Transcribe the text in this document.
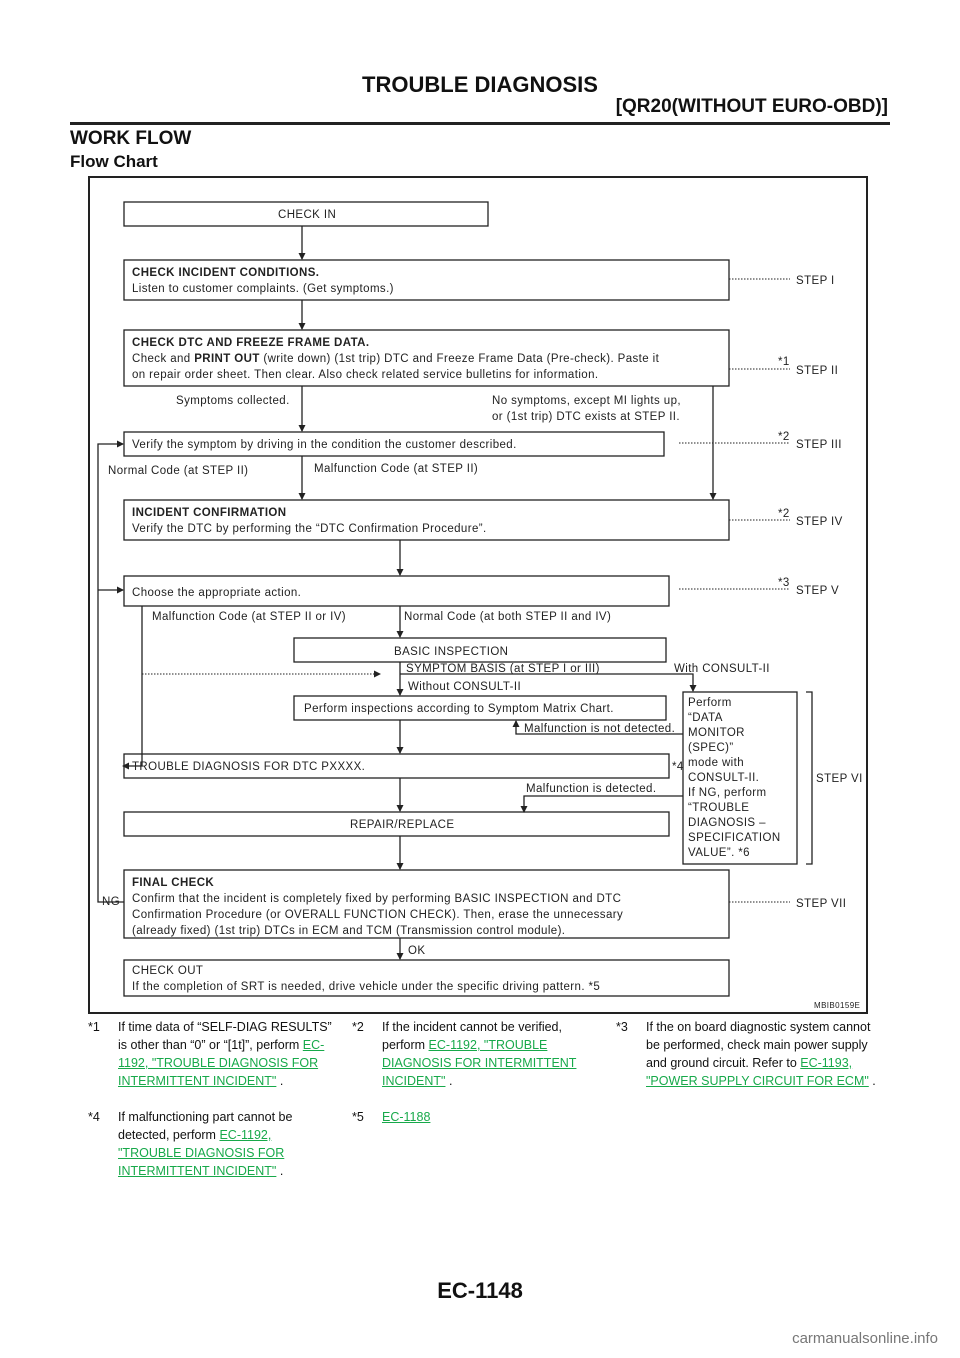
TROUBLE DIAGNOSIS
[QR20(WITHOUT EURO-OBD)]
WORK FLOW
Flow Chart
CHECK IN
CHECK INCIDENT CONDITIONS.
Listen to customer complaints. (Get symptoms.)
CHECK DTC AND FREEZE FRAME DATA.
Check and PRINT OUT (write down) (1st trip) DTC and Freeze Frame Data (Pre-check). Paste it
on repair order sheet. Then clear. Also check related service bulletins for information.
Symptoms collected.	No symptoms, except MI lights up,
or (1st trip) DTC exists at STEP II.
Verify the symptom by driving in the condition the customer described.
Normal Code (at STEP II)	Malfunction Code (at STEP II)
INCIDENT CONFIRMATION
Verify the DTC by performing the “DTC Confirmation Procedure”.
Choose the appropriate action.
Malfunction Code (at STEP II or IV)	Normal Code (at both STEP II and IV)
BASIC INSPECTION
SYMPTOM BASIS (at STEP I or III)	With CONSULT-II
Without CONSULT-II
Perform inspections according to Symptom Matrix Chart.
Malfunction is not detected.
TROUBLE DIAGNOSIS FOR DTC PXXXX.	*4
Malfunction is detected.
REPAIR/REPLACE
FINAL CHECK
Confirm that the incident is completely fixed by performing BASIC INSPECTION and DTC
Confirmation Procedure (or OVERALL FUNCTION CHECK). Then, erase the unnecessary
(already fixed) (1st trip) DTCs in ECM and TCM (Transmission control module).
NG
OK
CHECK OUT
If the completion of SRT is needed, drive vehicle under the specific driving pattern. *5
Perform
“DATA
MONITOR
(SPEC)”
mode with
CONSULT-II.
If NG, perform
“TROUBLE
DIAGNOSIS –
SPECIFICATION
VALUE”. *6
STEP I
*1
STEP II
*2
STEP III
*2
STEP IV
*3
STEP V
STEP VI
STEP VII
MBIB0159E
*1 If time data of “SELF-DIAG RESULTS” is other than “0” or “[1t]”, perform EC-1192, "TROUBLE DIAGNOSIS FOR INTERMITTENT INCIDENT" .
*2 If the incident cannot be verified, perform EC-1192, "TROUBLE DIAGNOSIS FOR INTERMITTENT INCIDENT" .
*3 If the on board diagnostic system cannot be performed, check main power supply and ground circuit. Refer to EC-1193, "POWER SUPPLY CIRCUIT FOR ECM" .
*4 If malfunctioning part cannot be detected, perform EC-1192, "TROUBLE DIAGNOSIS FOR INTERMITTENT INCIDENT" .
*5 EC-1188
EC-1148
carmanualsonline.info
